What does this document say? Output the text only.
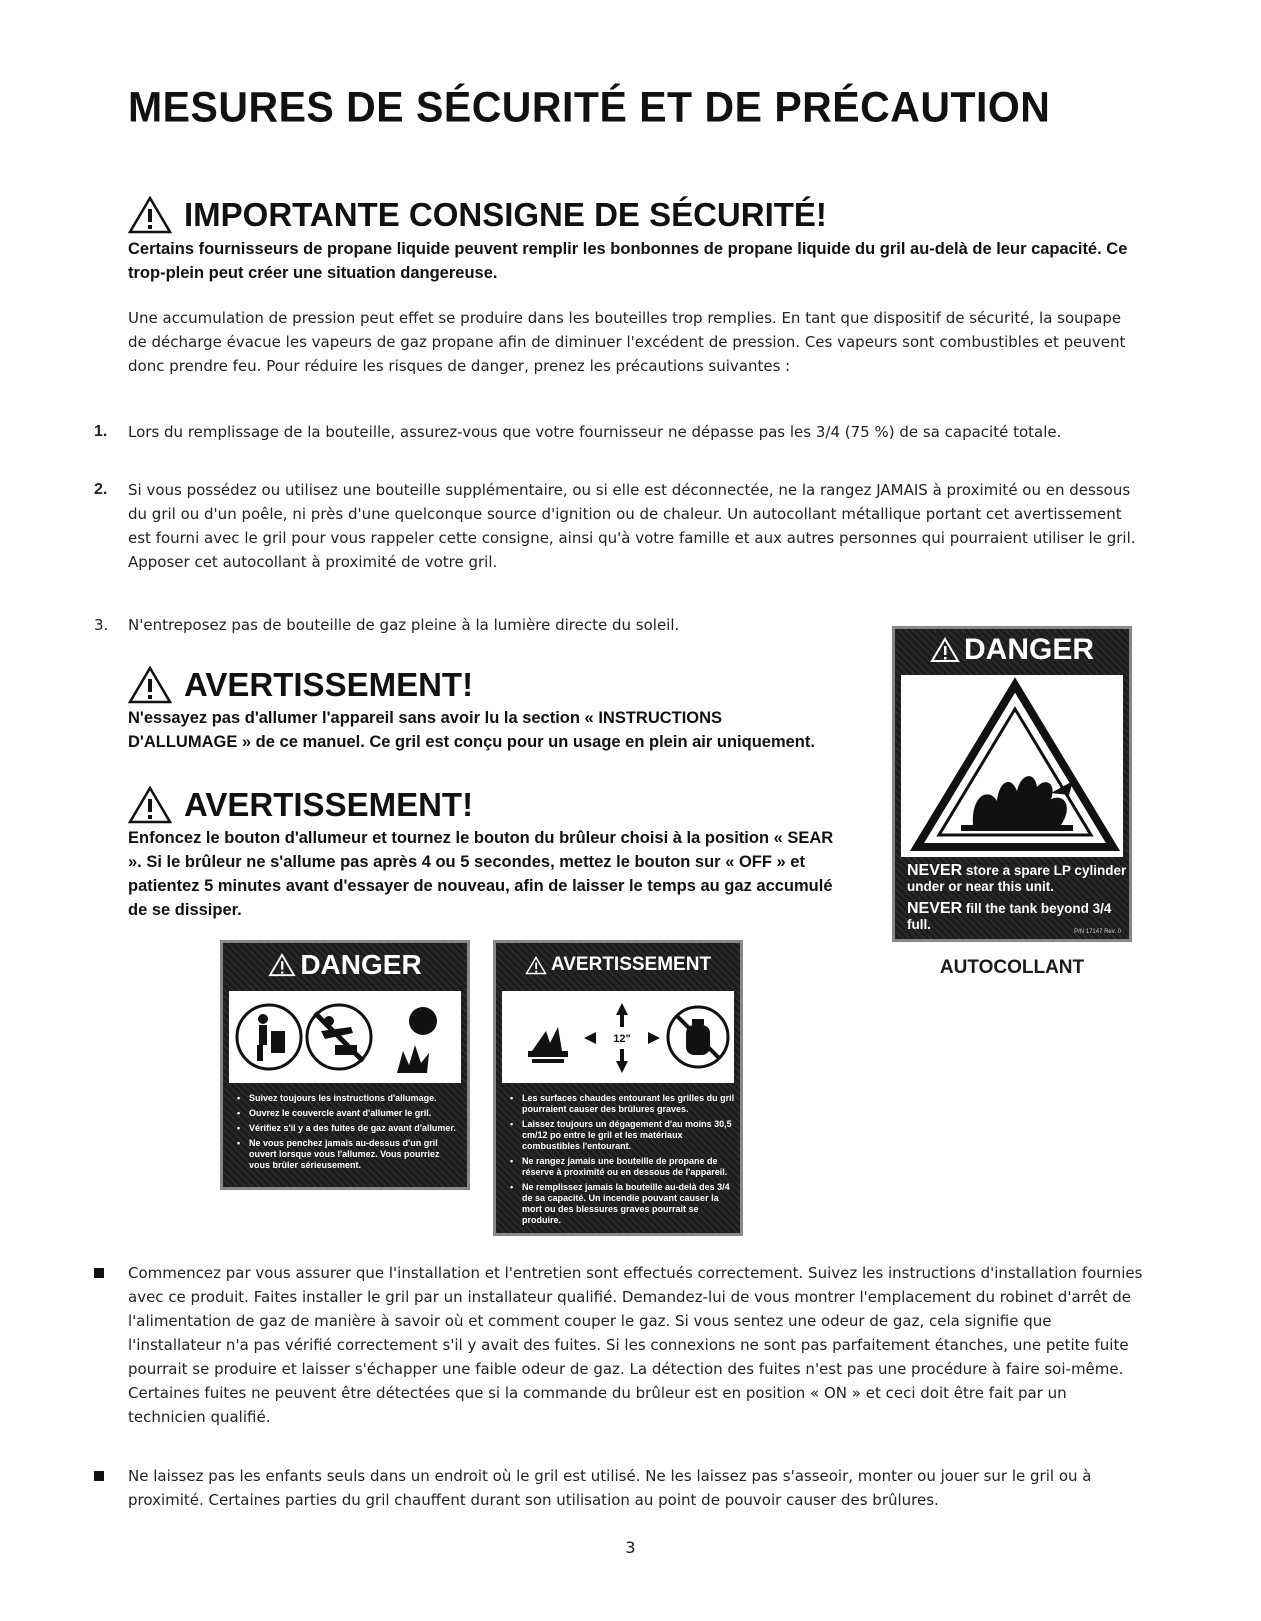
MESURES DE SÉCURITÉ ET DE PRÉCAUTION
IMPORTANTE CONSIGNE DE SÉCURITÉ!

Certains fournisseurs de propane liquide peuvent remplir les bonbonnes de propane liquide du gril au-delà de leur capacité. Ce trop-plein peut créer une situation dangereuse.

Une accumulation de pression peut effet se produire dans les bouteilles trop remplies. En tant que dispositif de sécurité, la soupape de décharge évacue les vapeurs de gaz propane afin de diminuer l'excédent de pression. Ces vapeurs sont combustibles et peuvent donc prendre feu. Pour réduire les risques de danger, prenez les précautions suivantes :

1.	Lors du remplissage de la bouteille, assurez-vous que votre fournisseur ne dépasse pas les 3/4 (75 %) de sa capacité totale.
2.	Si vous possédez ou utilisez une bouteille supplémentaire, ou si elle est déconnectée, ne la rangez JAMAIS à proximité ou en dessous du gril ou d'un poêle, ni près d'une quelconque source d'ignition ou de chaleur. Un autocollant métallique portant cet avertissement est fourni avec le gril pour vous rappeler cette consigne, ainsi qu'à votre famille et aux autres personnes qui pourraient utiliser le gril. Apposer cet autocollant à proximité de votre gril.
3.	N'entreposez pas de bouteille de gaz pleine à la lumière directe du soleil.
AVERTISSEMENT!

N'essayez pas d'allumer l'appareil sans avoir lu la section « INSTRUCTIONS D'ALLUMAGE » de ce manuel. Ce gril est conçu pour un usage en plein air uniquement.

AVERTISSEMENT!

Enfoncez le bouton d'allumeur et tournez le bouton du brûleur choisi à la position « SEAR ». Si le brûleur ne s'allume pas après 4 ou 5 secondes, mettez le bouton sur « OFF » et patientez 5 minutes avant d'essayer de nouveau, afin de laisser le temps au gaz accumulé de se dissiper.

DANGER

NEVER store a spare LP cylinder under or near this unit.

NEVER fill the tank beyond 3/4 full.	P/N 17147 Rev. 0
AUTOCOLLANT
DANGER
• Suivez toujours les instructions d'allumage.
• Ouvrez le couvercle avant d'allumer le gril.
• Vérifiez s'il y a des fuites de gaz avant d'allumer.
• Ne vous penchez jamais au-dessus d'un gril ouvert lorsque vous l'allumez. Vous pourriez vous brûler sérieusement.
AVERTISSEMENT
12"
• Les surfaces chaudes entourant les grilles du gril pourraient causer des brûlures graves.
• Laissez toujours un dégagement d'au moins 30,5 cm/12 po entre le gril et les matériaux combustibles l'entourant.
• Ne rangez jamais une bouteille de propane de réserve à proximité ou en dessous de l'appareil.
• Ne remplissez jamais la bouteille au-delà des 3/4 de sa capacité. Un incendie pouvant causer la mort ou des blessures graves pourrait se produire.
Commencez par vous assurer que l'installation et l'entretien sont effectués correctement. Suivez les instructions d'installation fournies avec ce produit. Faites installer le gril par un installateur qualifié. Demandez-lui de vous montrer l'emplacement du robinet d'arrêt de l'alimentation de gaz de manière à savoir où et comment couper le gaz. Si vous sentez une odeur de gaz, cela signifie que l'installateur n'a pas vérifié correctement s'il y avait des fuites. Si les connexions ne sont pas parfaitement étanches, une petite fuite pourrait se produire et laisser s'échapper une faible odeur de gaz. La détection des fuites n'est pas une procédure à faire soi-même. Certaines fuites ne peuvent être détectées que si la commande du brûleur est en position « ON » et ceci doit être fait par un technicien qualifié.
Ne laissez pas les enfants seuls dans un endroit où le gril est utilisé. Ne les laissez pas s'asseoir, monter ou jouer sur le gril ou à proximité. Certaines parties du gril chauffent durant son utilisation au point de pouvoir causer des brûlures.
3
